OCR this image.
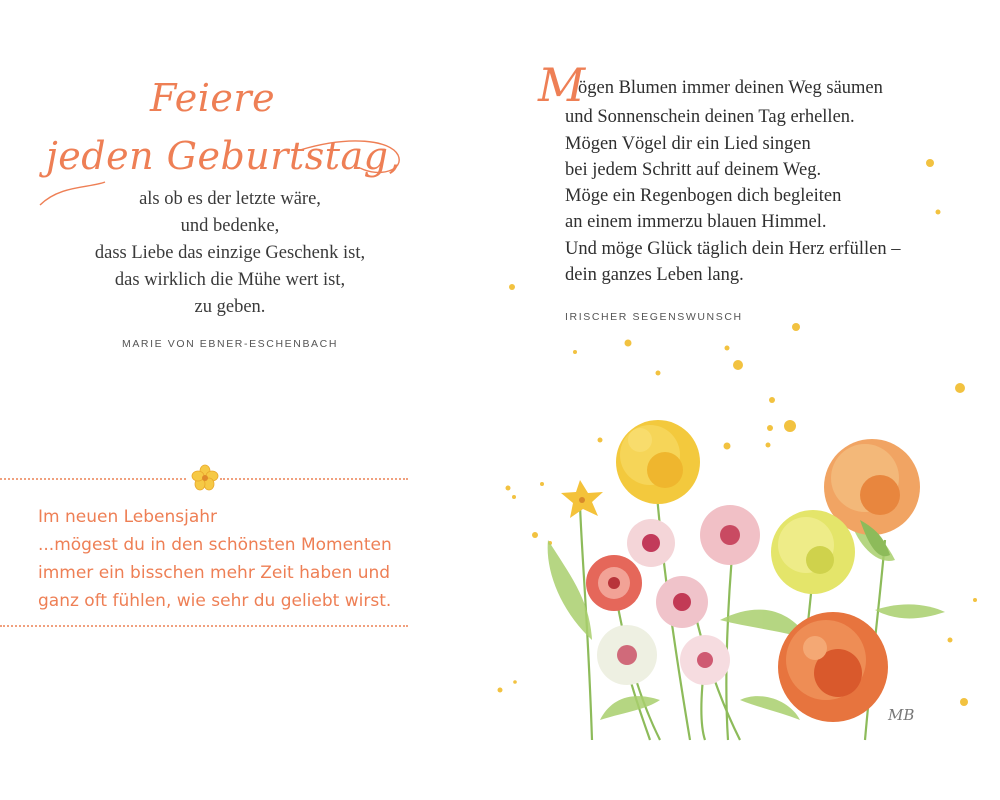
Feiere
jeden Geburtstag,
als ob es der letzte wäre,
und bedenke,
dass Liebe das einzige Geschenk ist,
das wirklich die Mühe wert ist,
zu geben.
MARIE VON EBNER-ESCHENBACH
Im neuen Lebensjahr
...mögest du in den schönsten Momenten
immer ein bisschen mehr Zeit haben und
ganz oft fühlen, wie sehr du geliebt wirst.
MB
M
ögen Blumen immer deinen Weg säumen
und Sonnenschein deinen Tag erhellen.
Mögen Vögel dir ein Lied singen
bei jedem Schritt auf deinem Weg.
Möge ein Regenbogen dich begleiten
an einem immerzu blauen Himmel.
Und möge Glück täglich dein Herz erfüllen –
dein ganzes Leben lang.
IRISCHER SEGENSWUNSCH
